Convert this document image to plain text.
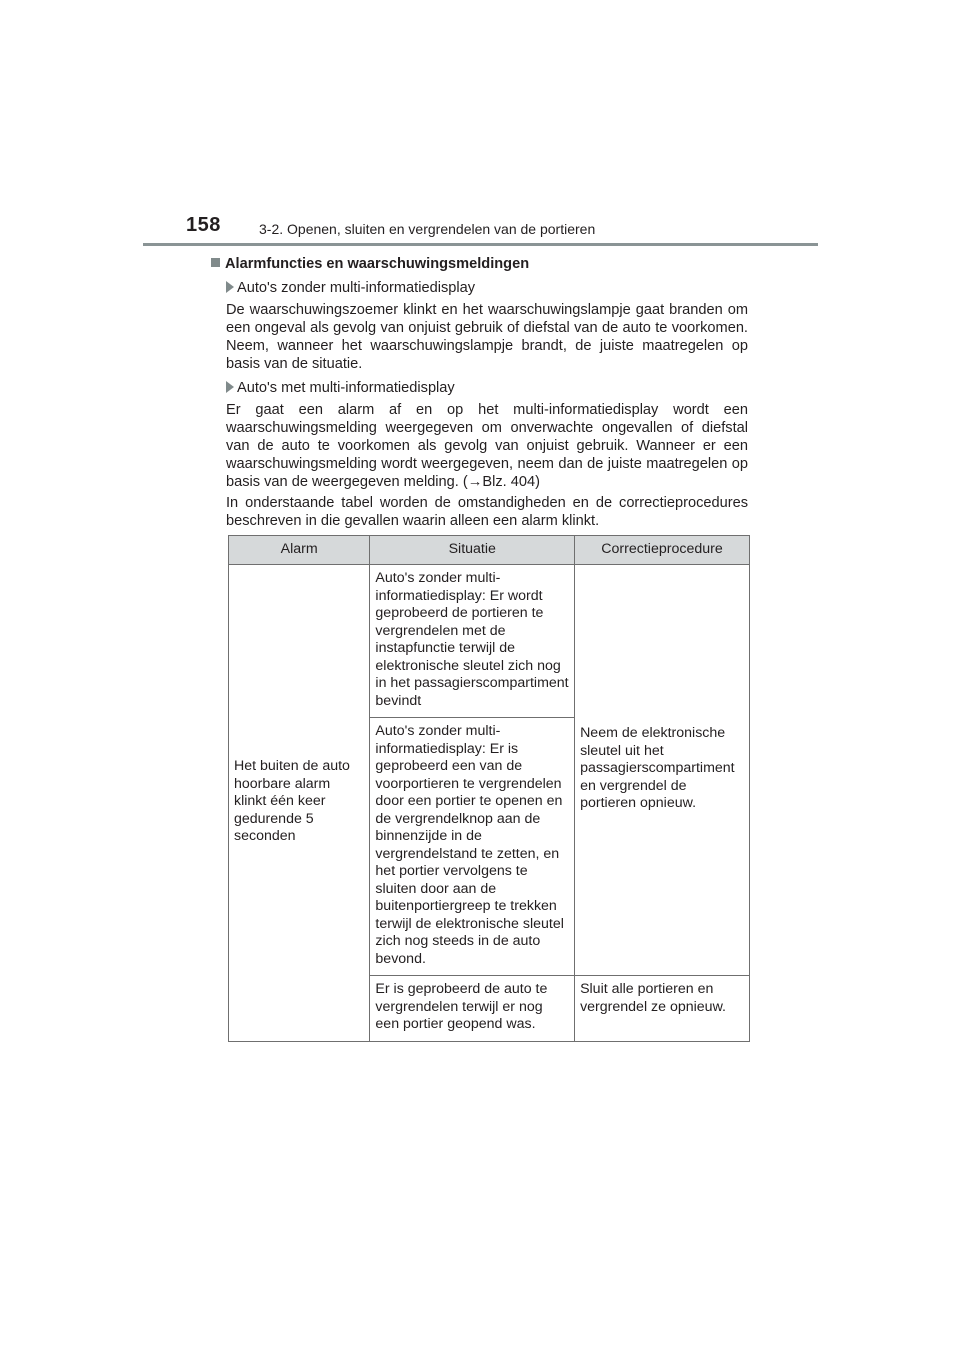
158	3-2. Openen, sluiten en vergrendelen van de portieren
Alarmfuncties en waarschuwingsmeldingen
Auto's zonder multi-informatiedisplay

De waarschuwingszoemer klinkt en het waarschuwingslampje gaat branden om een ongeval als gevolg van onjuist gebruik of diefstal van de auto te voorkomen. Neem, wanneer het waarschuwingslampje brandt, de juiste maatregelen op basis van de situatie.

Auto's met multi-informatiedisplay

Er gaat een alarm af en op het multi-informatiedisplay wordt een waarschuwingsmelding weergegeven om onverwachte ongevallen of diefstal van de auto te voorkomen als gevolg van onjuist gebruik. Wanneer er een waarschuwingsmelding wordt weergegeven, neem dan de juiste maatregelen op basis van de weergegeven melding. (→Blz. 404)

In onderstaande tabel worden de omstandigheden en de correctieprocedures beschreven in die gevallen waarin alleen een alarm klinkt.

Alarm	Situatie	Correctieprocedure
Het buiten de auto hoorbare alarm klinkt één keer gedurende 5 seconden	Auto's zonder multi-informatiedisplay: Er wordt geprobeerd de portieren te vergrendelen met de instapfunctie terwijl de elektronische sleutel zich nog in het passagierscompartiment bevindt	Neem de elektronische sleutel uit het passagierscompartiment en vergrendel de portieren opnieuw.
	Auto's zonder multi-informatiedisplay: Er is geprobeerd een van de voorportieren te vergrendelen door een portier te openen en de vergrendelknop aan de binnenzijde in de vergrendelstand te zetten, en het portier vervolgens te sluiten door aan de buitenportiergreep te trekken terwijl de elektronische sleutel zich nog steeds in de auto bevond.	
	Er is geprobeerd de auto te vergrendelen terwijl er nog een portier geopend was.	Sluit alle portieren en vergrendel ze opnieuw.
